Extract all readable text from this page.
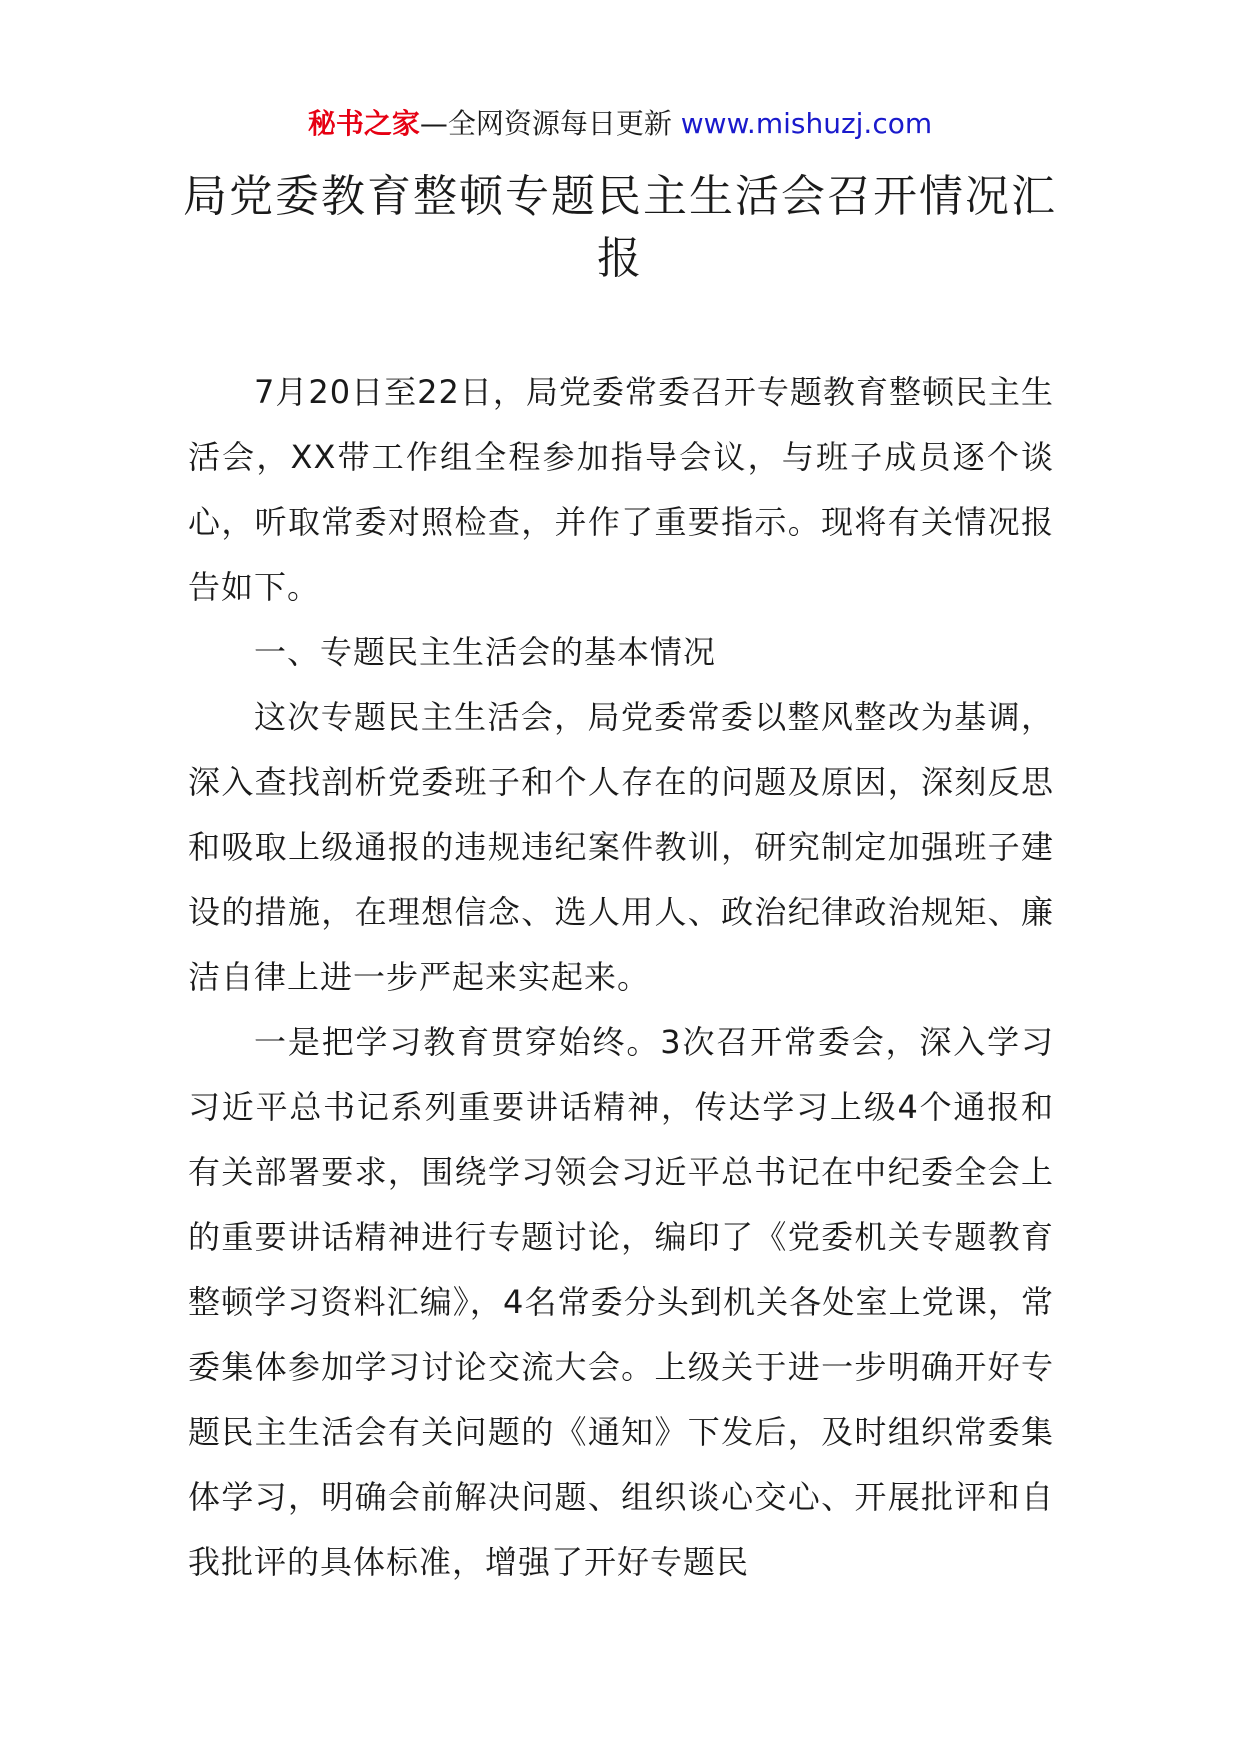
秘书之家—全网资源每日更新 www.mishuzj.com
局党委教育整顿专题民主生活会召开情况汇报

7月20日至22日，局党委常委召开专题教育整顿民主生活会，XX带工作组全程参加指导会议，与班子成员逐个谈心，听取常委对照检查，并作了重要指示。现将有关情况报告如下。

一、专题民主生活会的基本情况

这次专题民主生活会，局党委常委以整风整改为基调，深入查找剖析党委班子和个人存在的问题及原因，深刻反思和吸取上级通报的违规违纪案件教训，研究制定加强班子建设的措施，在理想信念、选人用人、政治纪律政治规矩、廉洁自律上进一步严起来实起来。

一是把学习教育贯穿始终。3次召开常委会，深入学习习近平总书记系列重要讲话精神，传达学习上级4个通报和有关部署要求，围绕学习领会习近平总书记在中纪委全会上的重要讲话精神进行专题讨论，编印了《党委机关专题教育整顿学习资料汇编》，4名常委分头到机关各处室上党课，常委集体参加学习讨论交流大会。上级关于进一步明确开好专题民主生活会有关问题的《通知》下发后，及时组织常委集体学习，明确会前解决问题、组织谈心交心、开展批评和自我批评的具体标准，增强了开好专题民
